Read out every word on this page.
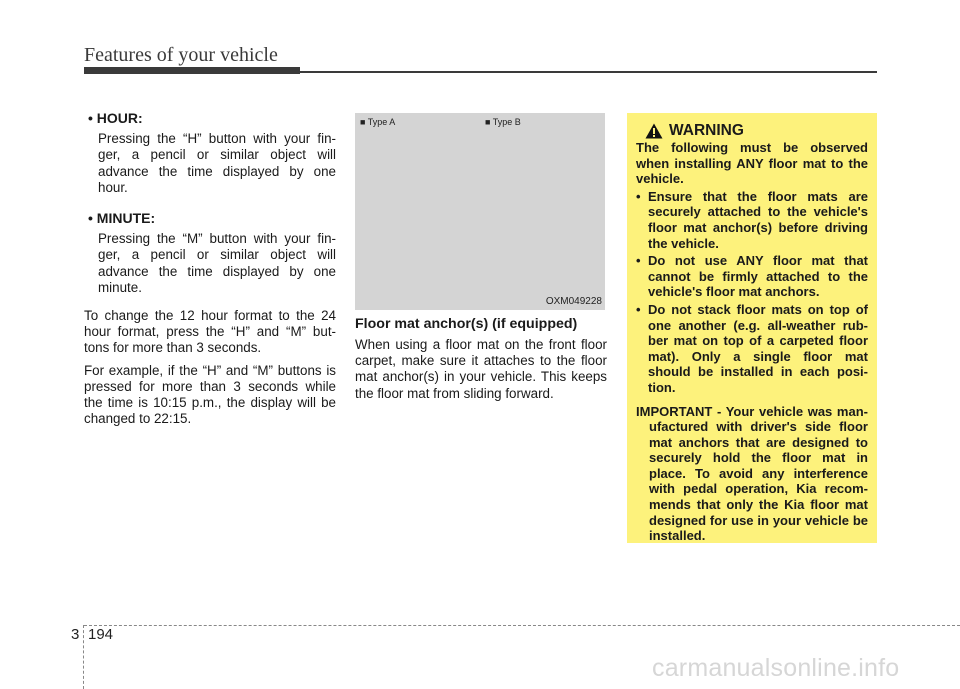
Features of your vehicle
• HOUR:
Pressing the “H” button with your fin-ger, a pencil or similar object will advance the time displayed by one hour.
• MINUTE:
Pressing the “M” button with your fin-ger, a pencil or similar object will advance the time displayed by one minute.
To change the 12 hour format to the 24 hour format, press the “H” and “M” but-tons for more than 3 seconds.
For example, if the “H” and “M” buttons is pressed for more than 3 seconds while the time is 10:15 p.m., the display will be changed to 22:15.
■ Type A	■ Type B
OXM049228
Floor mat anchor(s) (if equipped)
When using a floor mat on the front floor carpet, make sure it attaches to the floor mat anchor(s) in your vehicle. This keeps the floor mat from sliding forward.
WARNING
The following must be observed when installing ANY floor mat to the vehicle.
• Ensure that the floor mats are securely attached to the vehicle's floor mat anchor(s) before driving the vehicle.
• Do not use ANY floor mat that cannot be firmly attached to the vehicle's floor mat anchors.
• Do not stack floor mats on top of one another (e.g. all-weather rub-ber mat on top of a carpeted floor mat). Only a single floor mat should be installed in each posi-tion.
IMPORTANT - Your vehicle was man-ufactured with driver's side floor mat anchors that are designed to securely hold the floor mat in place. To avoid any interference with pedal operation, Kia recom-mends that only the Kia floor mat designed for use in your vehicle be installed.
3 194
carmanualsonline.info
